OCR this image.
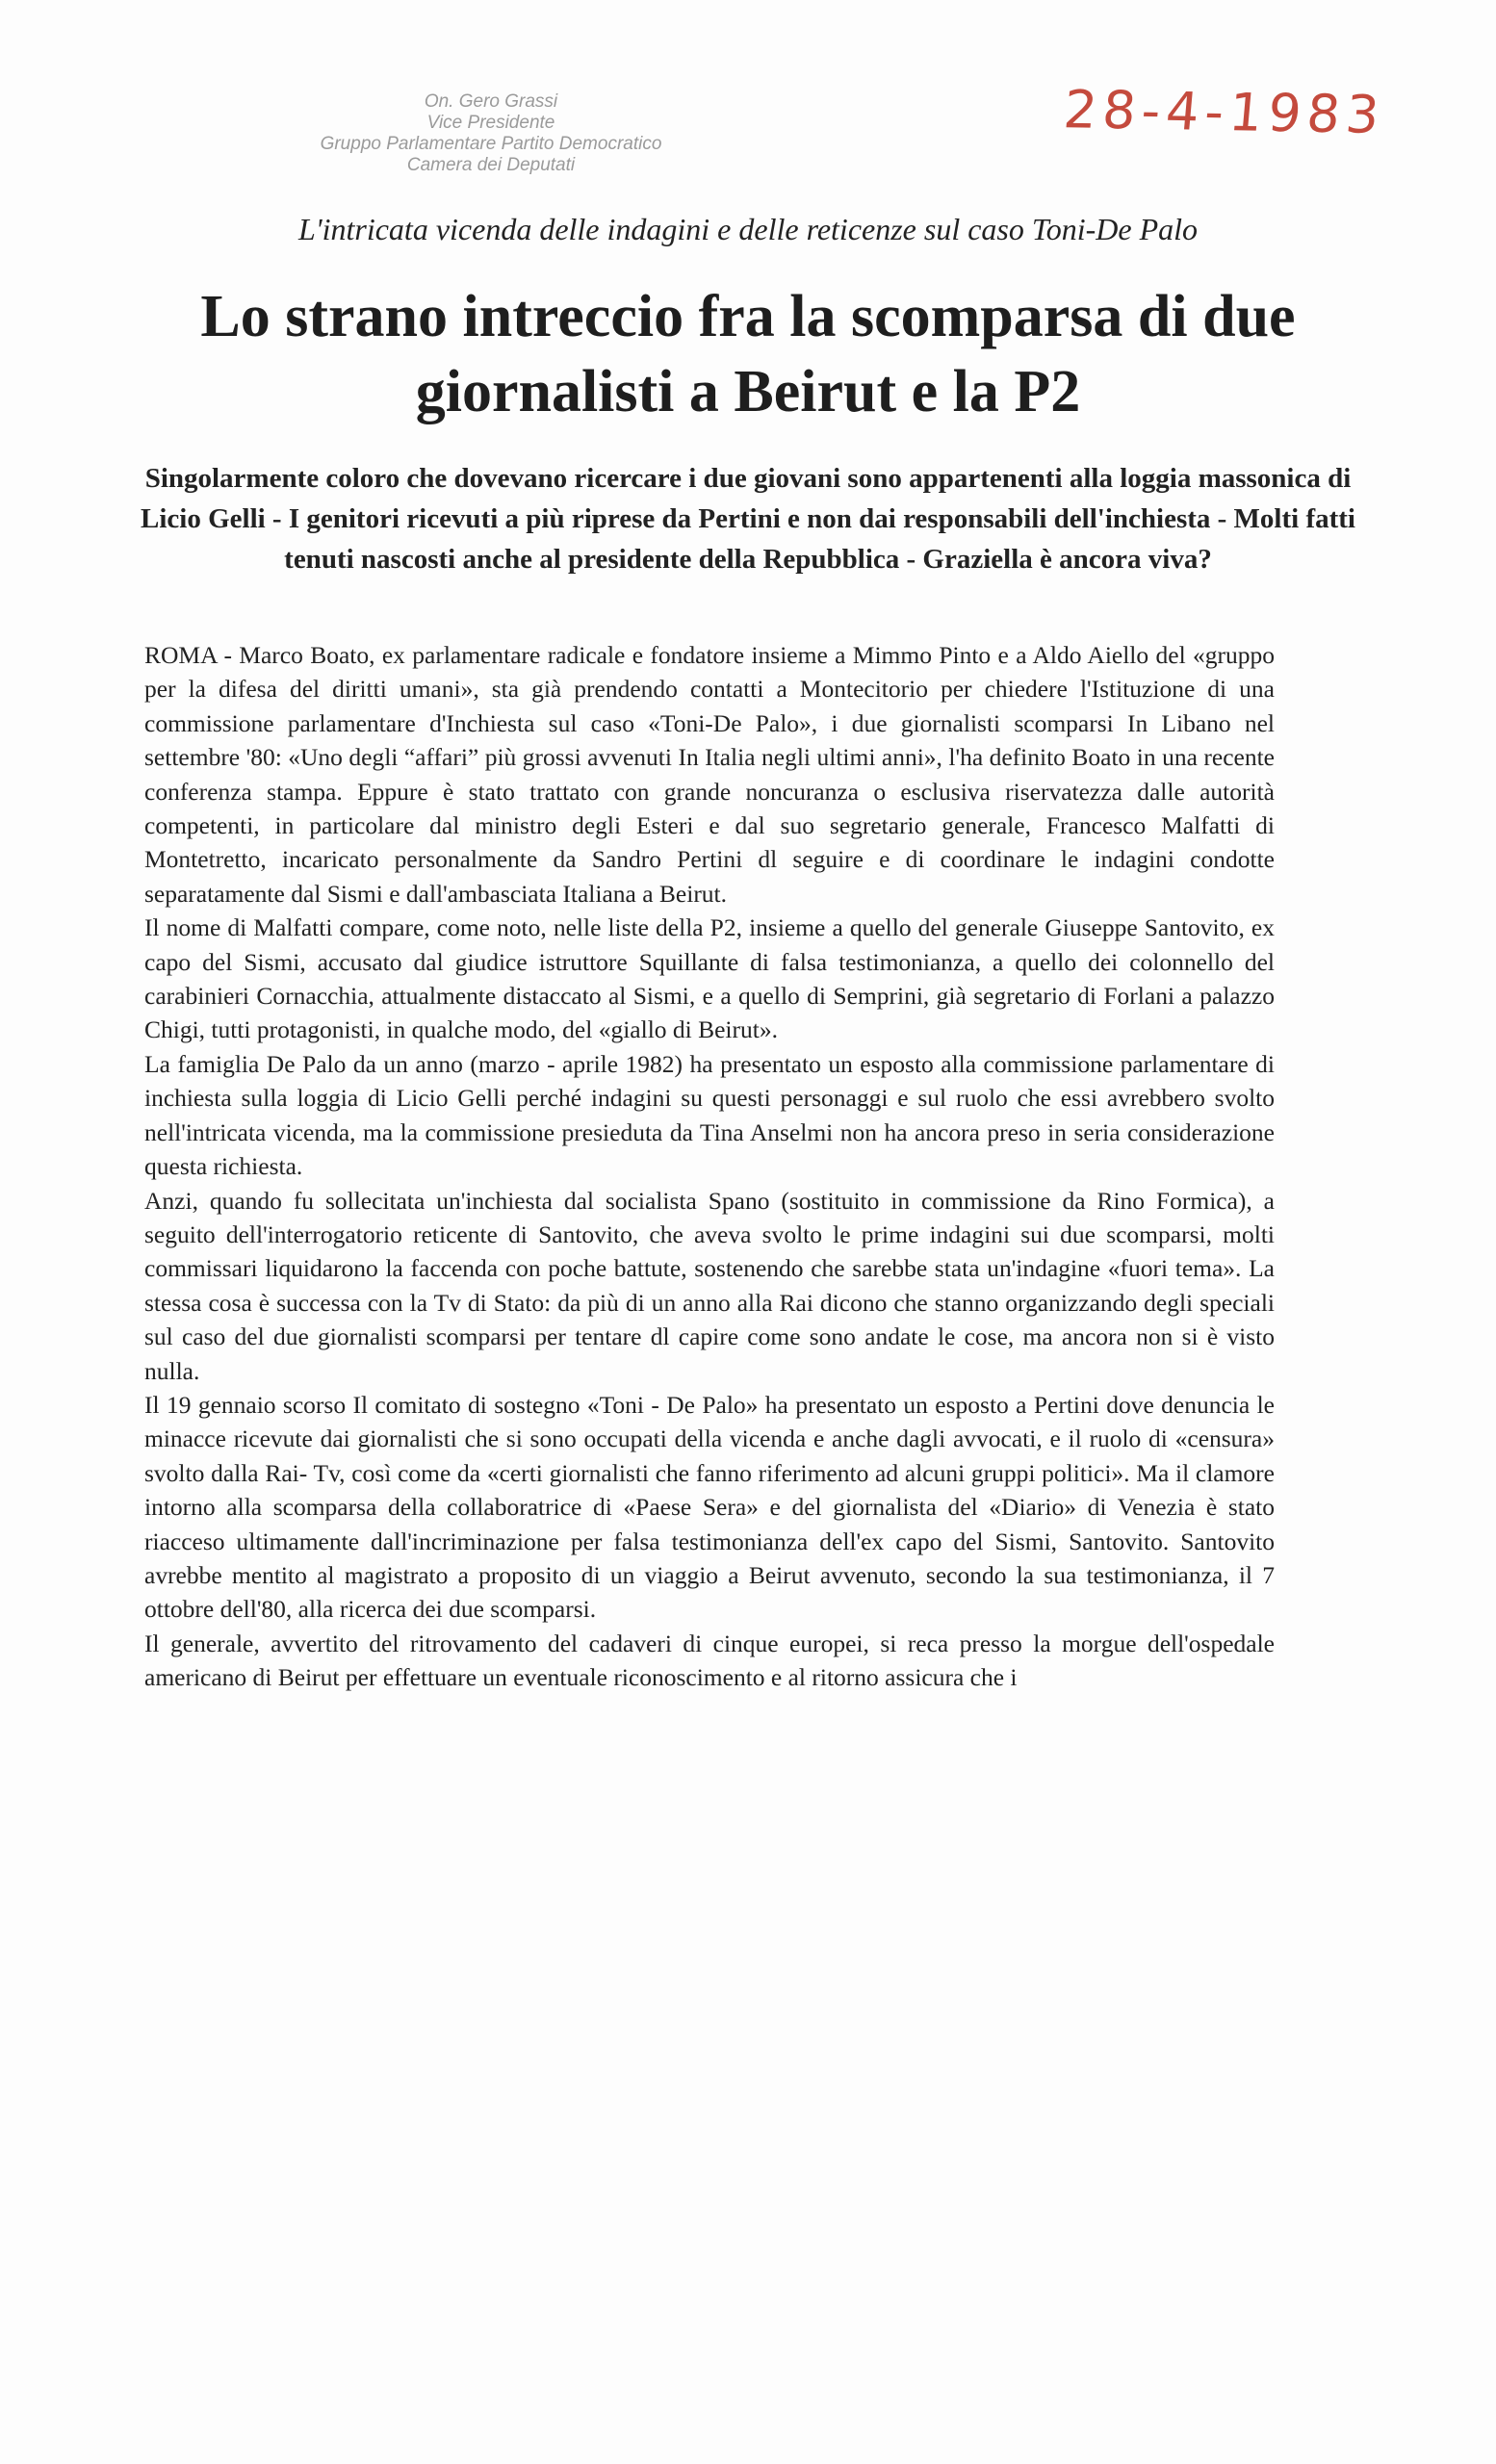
On. Gero Grassi
Vice Presidente
Gruppo Parlamentare Partito Democratico
Camera dei Deputati
28-4-1983
L'intricata vicenda delle indagini e delle reticenze sul caso Toni-De Palo
Lo strano intreccio fra la scomparsa di due giornalisti a Beirut e la P2
Singolarmente coloro che dovevano ricercare i due giovani sono appartenenti alla loggia massonica di Licio Gelli - I genitori ricevuti a più riprese da Pertini e non dai responsabili dell'inchiesta - Molti fatti tenuti nascosti anche al presidente della Repubblica - Graziella è ancora viva?

ROMA - Marco Boato, ex parlamentare radicale e fondatore insieme a Mimmo Pinto e a Aldo Aiello del «gruppo per la difesa del diritti umani», sta già prendendo contatti a Montecitorio per chiedere l'Istituzione di una commissione parlamentare d'Inchiesta sul caso «Toni-De Palo», i due giornalisti scomparsi In Libano nel settembre '80: «Uno degli “affari” più grossi avvenuti In Italia negli ultimi anni», l'ha definito Boato in una recente conferenza stampa. Eppure è stato trattato con grande noncuranza o esclusiva riservatezza dalle autorità competenti, in particolare dal ministro degli Esteri e dal suo segretario generale, Francesco Malfatti di Montetretto, incaricato personalmente da Sandro Pertini dl seguire e di coordinare le indagini condotte separatamente dal Sismi e dall'ambasciata Italiana a Beirut.

Il nome di Malfatti compare, come noto, nelle liste della P2, insieme a quello del generale Giuseppe Santovito, ex capo del Sismi, accusato dal giudice istruttore Squillante di falsa testimonianza, a quello dei colonnello del carabinieri Cornacchia, attualmente distaccato al Sismi, e a quello di Semprini, già segretario di Forlani a palazzo Chigi, tutti protagonisti, in qualche modo, del «giallo di Beirut».

La famiglia De Palo da un anno (marzo - aprile 1982) ha presentato un esposto alla commissione parlamentare di inchiesta sulla loggia di Licio Gelli perché indagini su questi personaggi e sul ruolo che essi avrebbero svolto nell'intricata vicenda, ma la commissione presieduta da Tina Anselmi non ha ancora preso in seria considerazione questa richiesta.

Anzi, quando fu sollecitata un'inchiesta dal socialista Spano (sostituito in commissione da Rino Formica), a seguito dell'interrogatorio reticente di Santovito, che aveva svolto le prime indagini sui due scomparsi, molti commissari liquidarono la faccenda con poche battute, sostenendo che sarebbe stata un'indagine «fuori tema». La stessa cosa è successa con la Tv di Stato: da più di un anno alla Rai dicono che stanno organizzando degli speciali sul caso del due giornalisti scomparsi per tentare dl capire come sono andate le cose, ma ancora non si è visto nulla.

Il 19 gennaio scorso Il comitato di sostegno «Toni - De Palo» ha presentato un esposto a Pertini dove denuncia le minacce ricevute dai giornalisti che si sono occupati della vicenda e anche dagli avvocati, e il ruolo di «censura» svolto dalla Rai- Tv, così come da «certi giornalisti che fanno riferimento ad alcuni gruppi politici». Ma il clamore intorno alla scomparsa della collaboratrice di «Paese Sera» e del giornalista del «Diario» di Venezia è stato riacceso ultimamente dall'incriminazione per falsa testimonianza dell'ex capo del Sismi, Santovito. Santovito avrebbe mentito al magistrato a proposito di un viaggio a Beirut avvenuto, secondo la sua testimonianza, il 7 ottobre dell'80, alla ricerca dei due scomparsi.

Il generale, avvertito del ritrovamento del cadaveri di cinque europei, si reca presso la morgue dell'ospedale americano di Beirut per effettuare un eventuale riconoscimento e al ritorno assicura che i
